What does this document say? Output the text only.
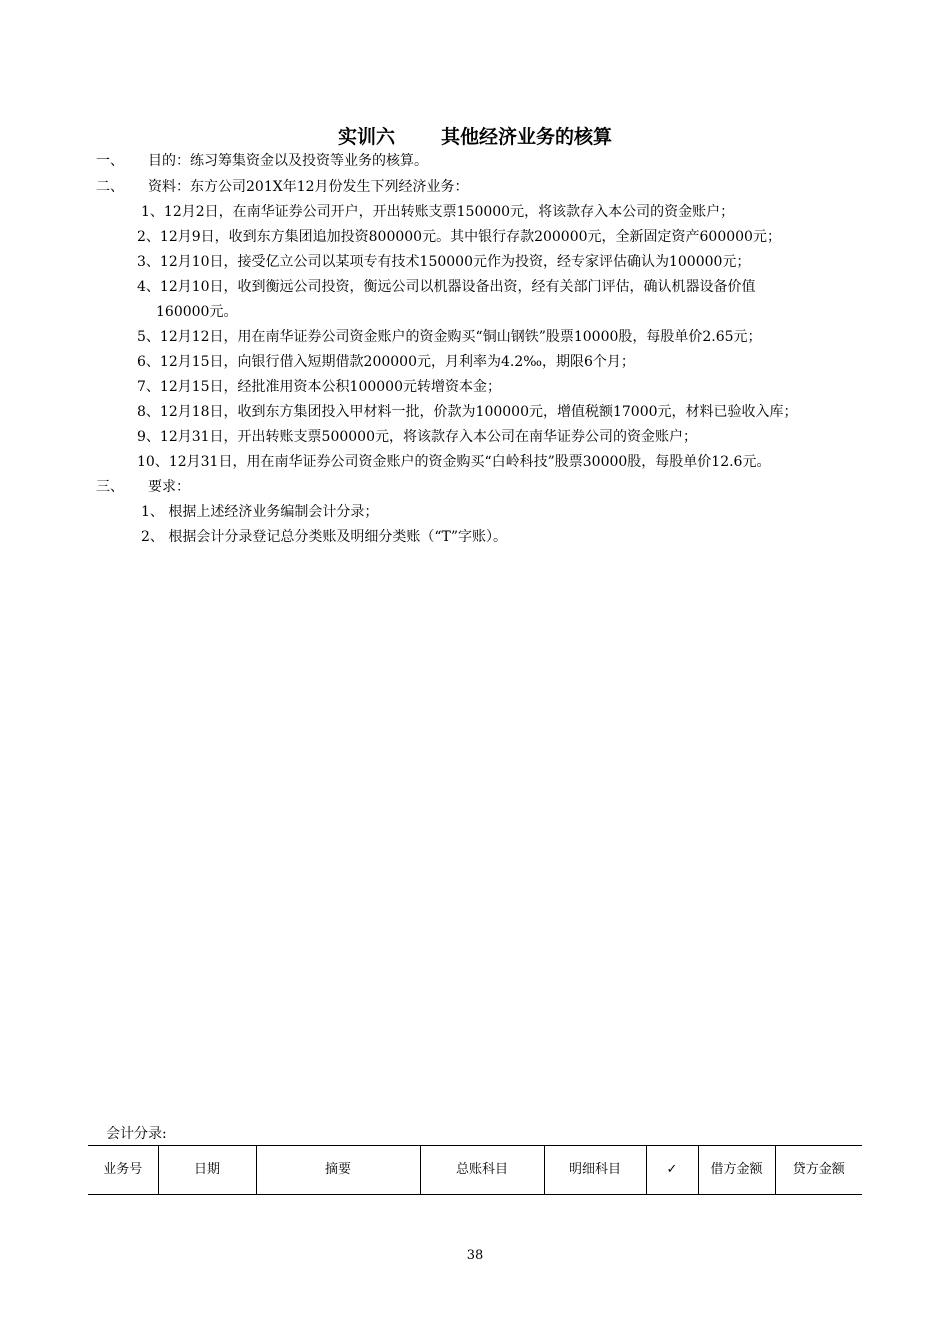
实训六 其他经济业务的核算
一、 目的：练习筹集资金以及投资等业务的核算。
二、 资料：东方公司201X年12月份发生下列经济业务：
1、12月2日，在南华证券公司开户，开出转账支票150000元，将该款存入本公司的资金账户；
2、12月9日，收到东方集团追加投资800000元。其中银行存款200000元，全新固定资产600000元；
3、12月10日，接受亿立公司以某项专有技术150000元作为投资，经专家评估确认为100000元；
4、12月10日，收到衡远公司投资，衡远公司以机器设备出资，经有关部门评估，确认机器设备价值
160000元。
5、12月12日，用在南华证券公司资金账户的资金购买“铜山钢铁”股票10000股，每股单价2.65元；
6、12月15日，向银行借入短期借款200000元，月利率为4.2‰，期限6个月；
7、12月15日，经批准用资本公积100000元转增资本金；
8、12月18日，收到东方集团投入甲材料一批，价款为100000元，增值税额17000元，材料已验收入库；
9、12月31日，开出转账支票500000元，将该款存入本公司在南华证券公司的资金账户；
10、12月31日，用在南华证券公司资金账户的资金购买“白岭科技”股票30000股，每股单价12.6元。
三、 要求：
1、 根据上述经济业务编制会计分录；
2、 根据会计分录登记总分类账及明细分类账（“T”字账）。
会计分录:
业务号	日期	摘要	总账科目	明细科目	✓	借方金额	贷方金额
38
